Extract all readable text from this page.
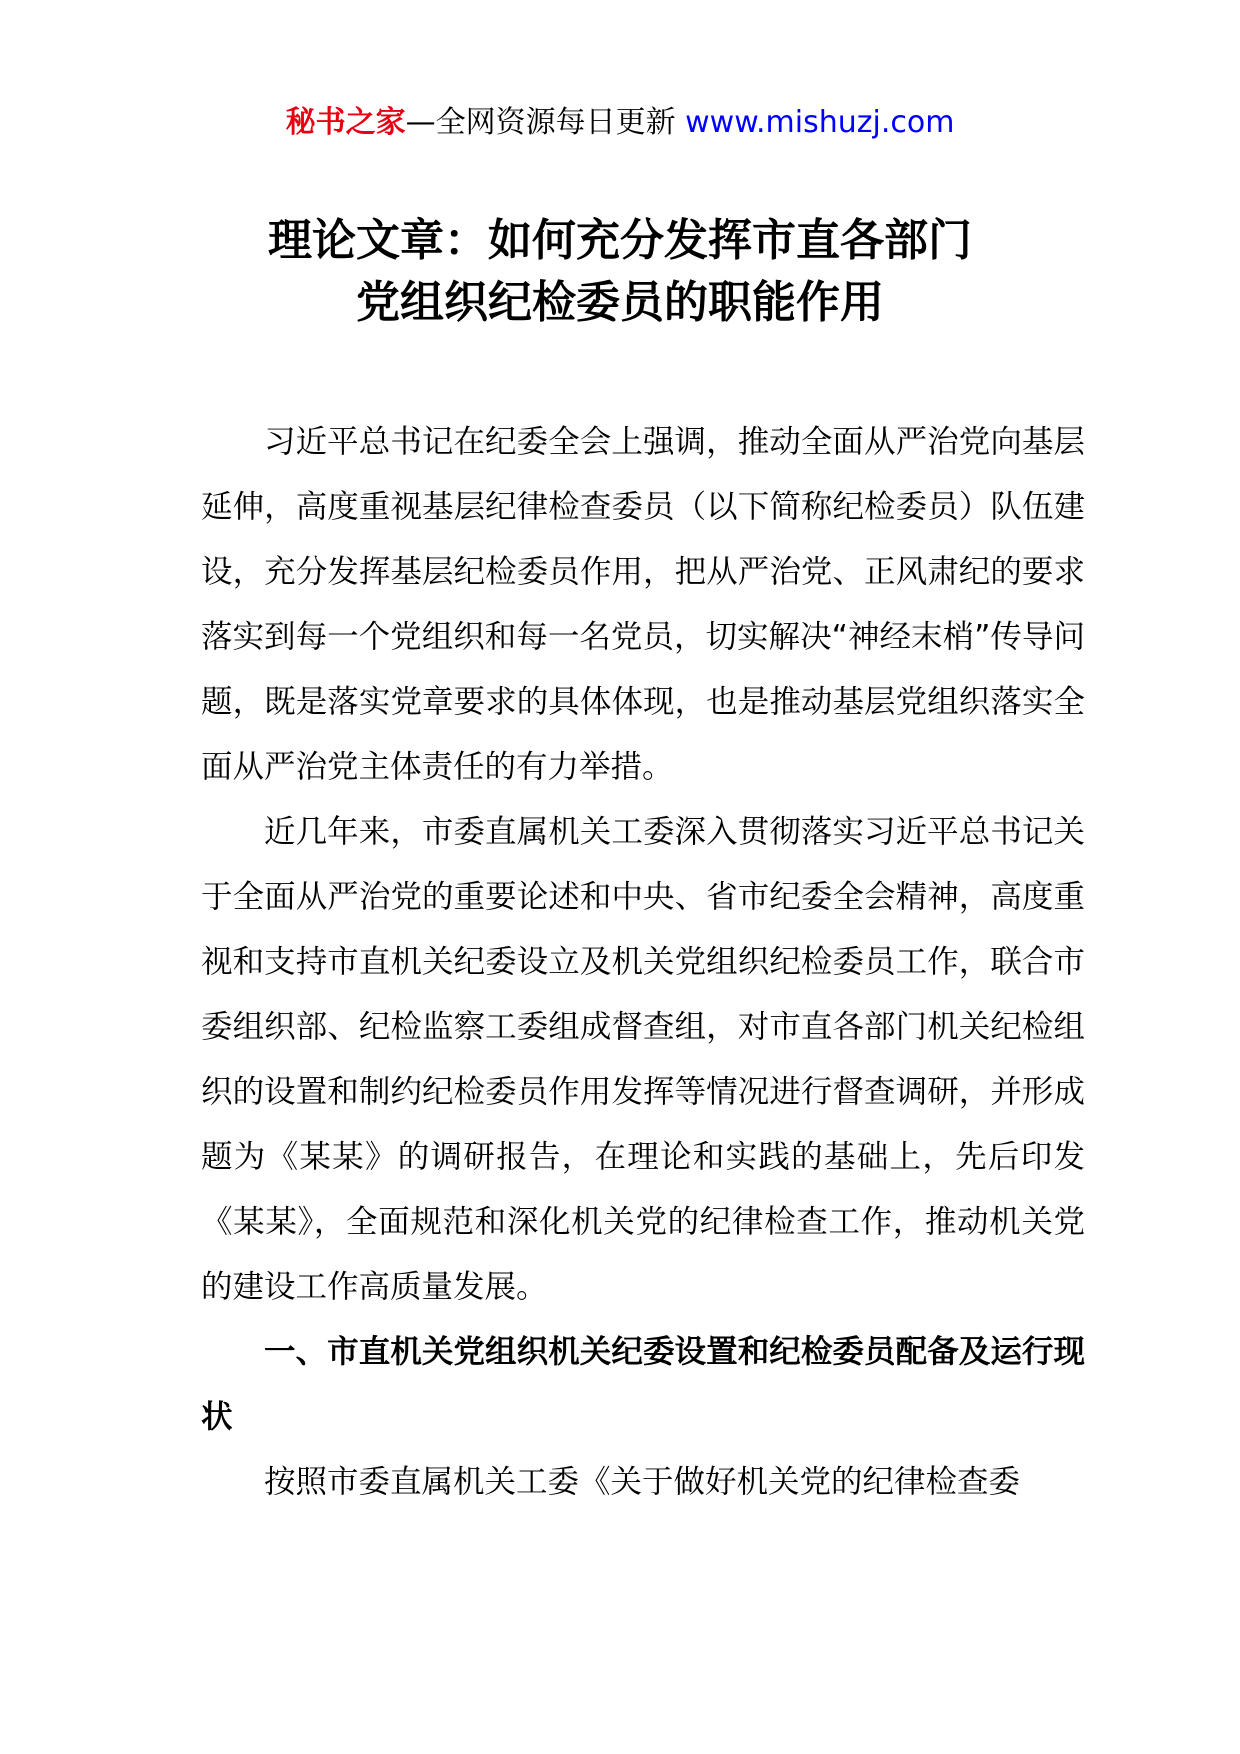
秘书之家—全网资源每日更新 www.mishuzj.com
理论文章：如何充分发挥市直各部门
党组织纪检委员的职能作用

习近平总书记在纪委全会上强调，推动全面从严治党向基层延伸，高度重视基层纪律检查委员（以下简称纪检委员）队伍建设，充分发挥基层纪检委员作用，把从严治党、正风肃纪的要求落实到每一个党组织和每一名党员，切实解决“神经末梢”传导问题，既是落实党章要求的具体体现，也是推动基层党组织落实全面从严治党主体责任的有力举措。

近几年来，市委直属机关工委深入贯彻落实习近平总书记关于全面从严治党的重要论述和中央、省市纪委全会精神，高度重视和支持市直机关纪委设立及机关党组织纪检委员工作，联合市委组织部、纪检监察工委组成督查组，对市直各部门机关纪检组织的设置和制约纪检委员作用发挥等情况进行督查调研，并形成题为《某某》的调研报告，在理论和实践的基础上，先后印发《某某》，全面规范和深化机关党的纪律检查工作，推动机关党的建设工作高质量发展。

一、市直机关党组织机关纪委设置和纪检委员配备及运行现状

按照市委直属机关工委《关于做好机关党的纪律检查委
